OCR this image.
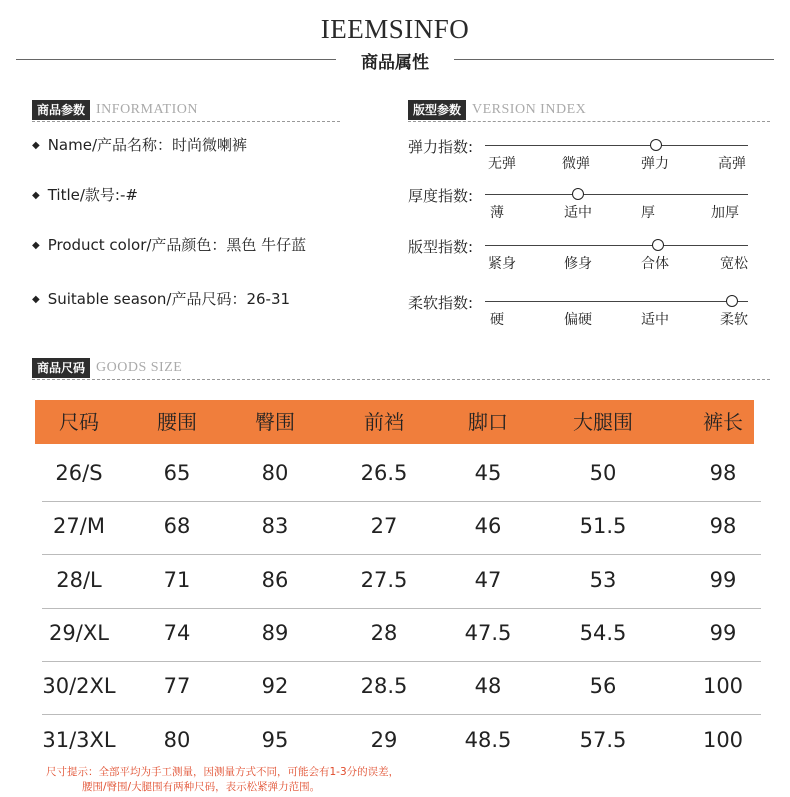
IEEMSINFO
商品属性
商品参数 INFORMATION
◆ Name/产品名称：时尚微喇裤
◆ Title/款号:-#
◆ Product color/产品颜色：黑色 牛仔蓝
◆ Suitable season/产品尺码：26-31
版型参数 VERSION INDEX
弹力指数:
无弹	微弹	弹力	高弹
厚度指数:
薄	适中	厚	加厚
版型指数:
紧身	修身	合体	宽松
柔软指数:
硬	偏硬	适中	柔软
商品尺码 GOODS SIZE
尺码	腰围	臀围	前裆	脚口	大腿围	裤长
26/S	65	80	26.5	45	50	98
27/M	68	83	27	46	51.5	98
28/L	71	86	27.5	47	53	99
29/XL	74	89	28	47.5	54.5	99
30/2XL 77	92	28.5	48	56	100
31/3XL 80	95	29	48.5	57.5	100
尺寸提示：全部平均为手工测量，因测量方式不同，可能会有1-3分的误差，
腰围/臀围/大腿围有两种尺码，表示松紧弹力范围。
